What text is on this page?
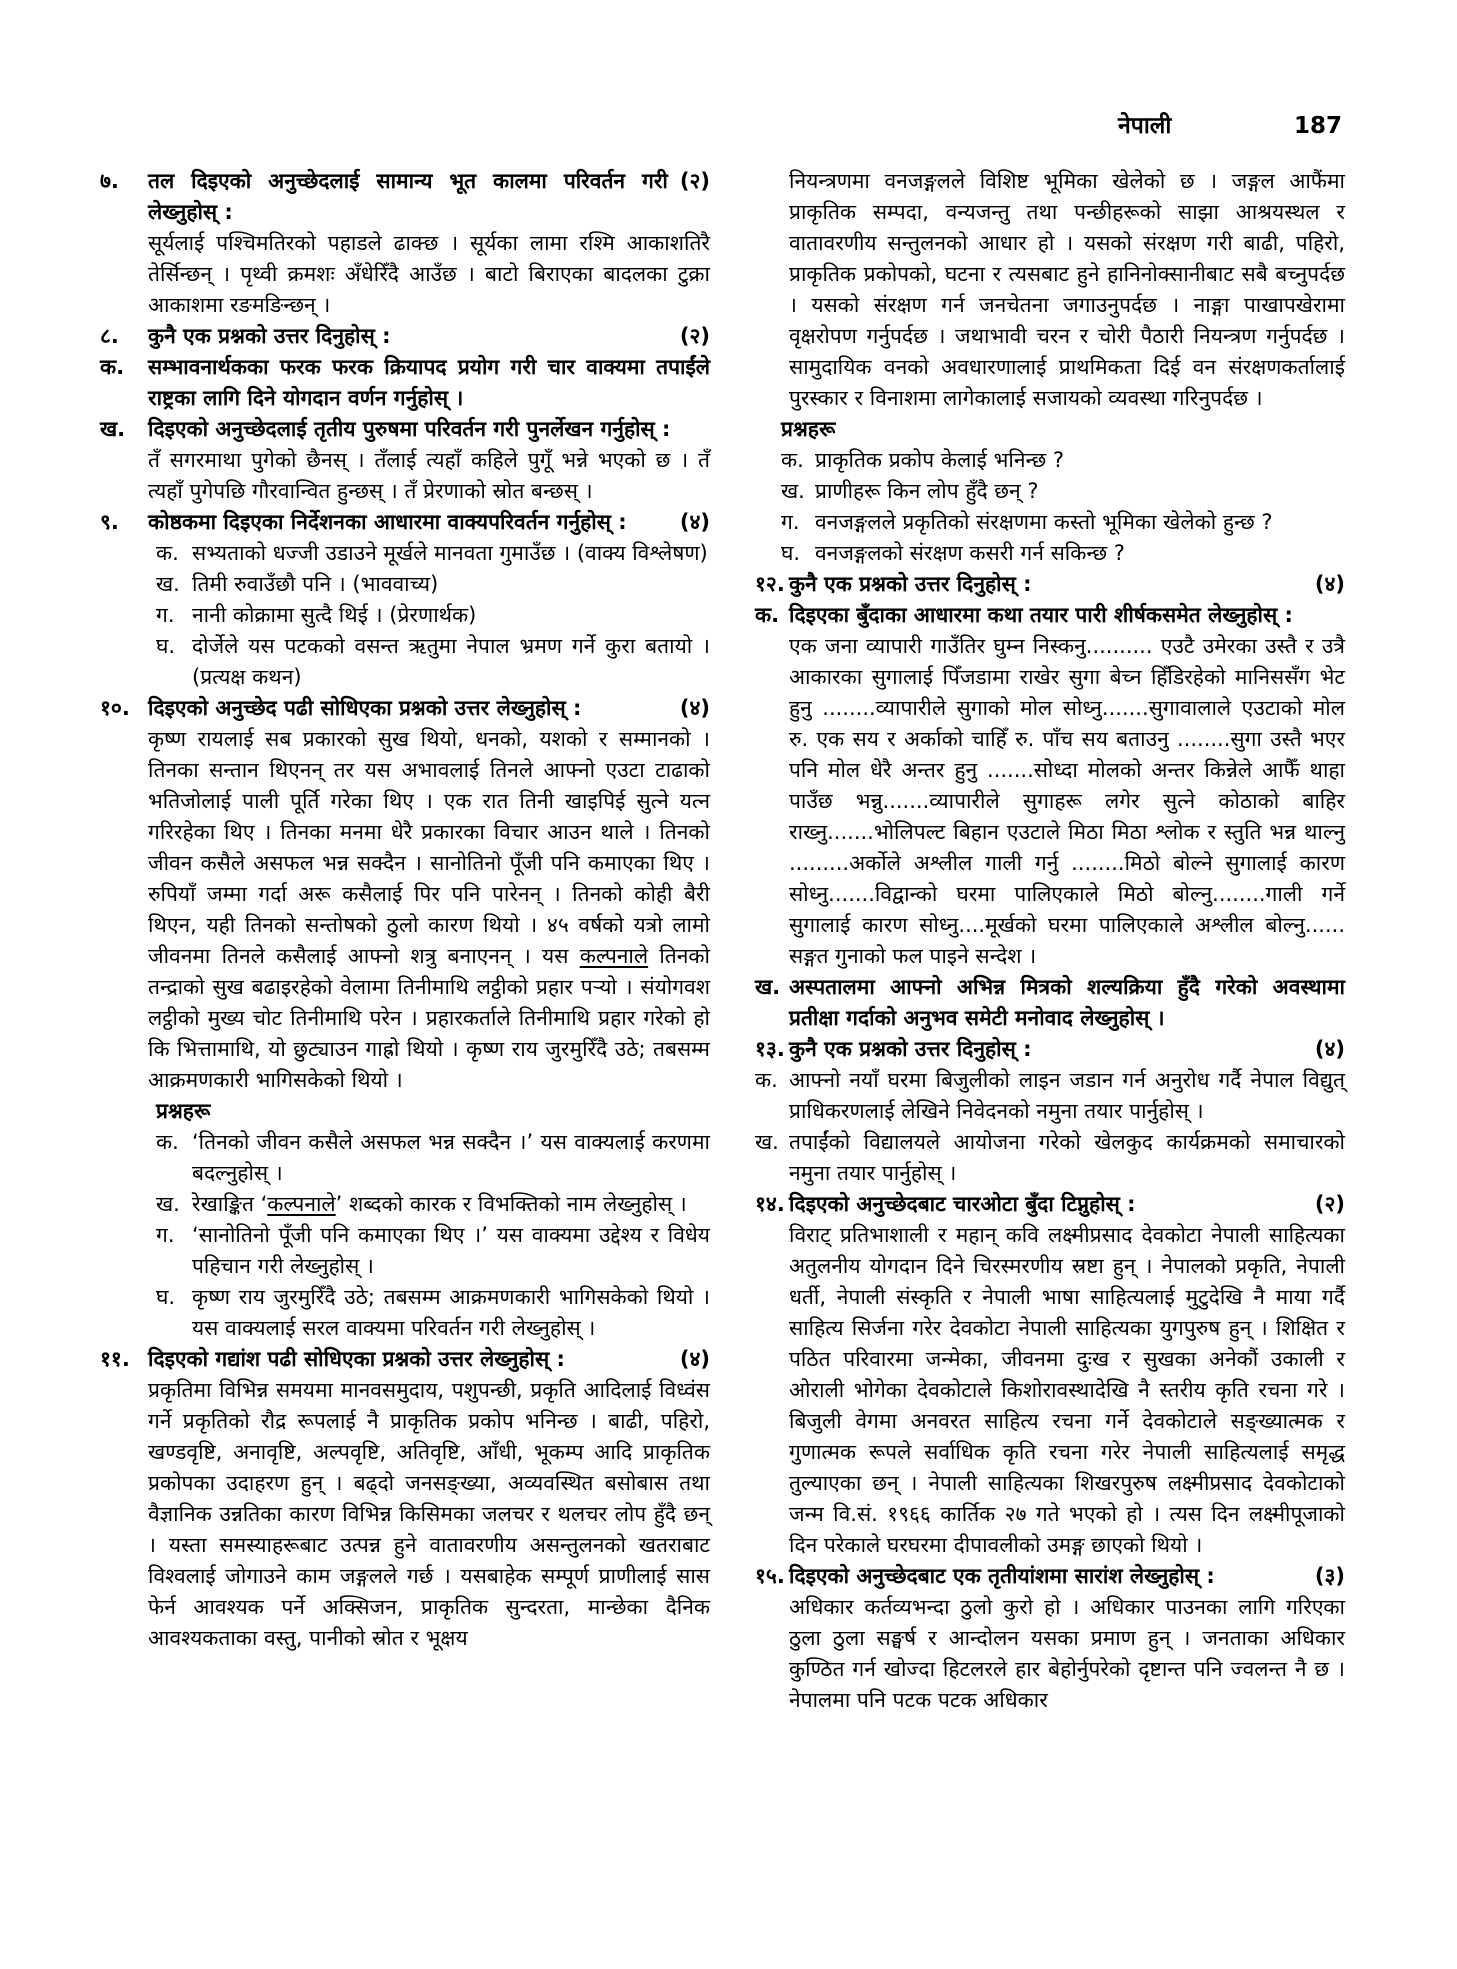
नेपाली	187
७.	तल दिइएको अनुच्छेदलाई सामान्य भूत कालमा परिवर्तन गरी लेख्नुहोस् :
(२)

सूर्यलाई पश्चिमतिरको पहाडले ढाक्छ । सूर्यका लामा रश्मि आकाशतिरै तेर्सिन्छन् । पृथ्वी क्रमशः अँधेरिँदै आउँछ । बाटो बिराएका बादलका टुक्रा आकाशमा रङमङिन्छन् ।

८.	कुनै एक प्रश्नको उत्तर दिनुहोस् :	(२)
क.	सम्भावनार्थकका फरक फरक क्रियापद प्रयोग गरी चार वाक्यमा तपाईंले राष्ट्रका लागि दिने योगदान वर्णन गर्नुहोस् ।
ख.	दिइएको अनुच्छेदलाई तृतीय पुरुषमा परिवर्तन गरी पुनर्लेखन गर्नुहोस् :

तँ सगरमाथा पुगेको छैनस् । तँलाई त्यहाँ कहिले पुगूँ भन्ने भएको छ । तँ त्यहाँ पुगेपछि गौरवान्वित हुन्छस् । तँ प्रेरणाको स्रोत बन्छस् ।

९.	कोष्ठकमा दिइएका निर्देशनका आधारमा वाक्यपरिवर्तन गर्नुहोस् :	(४)
क. सभ्यताको धज्जी उडाउने मूर्खले मानवता गुमाउँछ । (वाक्य विश्लेषण)
ख. तिमी रुवाउँछौ पनि । (भाववाच्य)
ग. नानी कोक्रामा सुत्दै थिई । (प्रेरणार्थक)
घ. दोर्जेले यस पटकको वसन्त ऋतुमा नेपाल भ्रमण गर्ने कुरा बतायो । (प्रत्यक्ष कथन)
१०. दिइएको अनुच्छेद पढी सोधिएका प्रश्नको उत्तर लेख्नुहोस् :	(४)

कृष्ण रायलाई सब प्रकारको सुख थियो, धनको, यशको र सम्मानको । तिनका सन्तान थिएनन् तर यस अभावलाई तिनले आफ्नो एउटा टाढाको भतिजोलाई पाली पूर्ति गरेका थिए । एक रात तिनी खाइपिई सुत्ने यत्न गरिरहेका थिए । तिनका मनमा धेरै प्रकारका विचार आउन थाले । तिनको जीवन कसैले असफल भन्न सक्दैन । सानोतिनो पूँजी पनि कमाएका थिए । रुपियाँ जम्मा गर्दा अरू कसैलाई पिर पनि पारेनन् । तिनको कोही बैरी थिएन, यही तिनको सन्तोषको ठुलो कारण थियो । ४५ वर्षको यत्रो लामो जीवनमा तिनले कसैलाई आफ्नो शत्रु बनाएनन् । यस कल्पनाले तिनको तन्द्राको सुख बढाइरहेको वेलामा तिनीमाथि लट्ठीको प्रहार पऱ्यो । संयोगवश लट्ठीको मुख्य चोट तिनीमाथि परेन । प्रहारकर्ताले तिनीमाथि प्रहार गरेको हो कि भित्तामाथि, यो छुट्याउन गाह्रो थियो । कृष्ण राय जुरमुरिँदै उठे; तबसम्म आक्रमणकारी भागिसकेको थियो ।

प्रश्नहरू
क. ‘तिनको जीवन कसैले असफल भन्न सक्दैन ।’ यस वाक्यलाई करणमा बदल्नुहोस् ।
ख. रेखाङ्कित ‘कल्पनाले’ शब्दको कारक र विभक्तिको नाम लेख्नुहोस् ।
ग. ‘सानोतिनो पूँजी पनि कमाएका थिए ।’ यस वाक्यमा उद्देश्य र विधेय पहिचान गरी लेख्नुहोस् ।
घ. कृष्ण राय जुरमुरिँदै उठे; तबसम्म आक्रमणकारी भागिसकेको थियो । यस वाक्यलाई सरल वाक्यमा परिवर्तन गरी लेख्नुहोस् ।
११. दिइएको गद्यांश पढी सोधिएका प्रश्नको उत्तर लेख्नुहोस् :	(४)

प्रकृतिमा विभिन्न समयमा मानवसमुदाय, पशुपन्छी, प्रकृति आदिलाई विध्वंस गर्ने प्रकृतिको रौद्र रूपलाई नै प्राकृतिक प्रकोप भनिन्छ । बाढी, पहिरो, खण्डवृष्टि, अनावृष्टि, अल्पवृष्टि, अतिवृष्टि, आँधी, भूकम्प आदि प्राकृतिक प्रकोपका उदाहरण हुन् । बढ्दो जनसङ्ख्या, अव्यवस्थित बसोबास तथा वैज्ञानिक उन्नतिका कारण विभिन्न किसिमका जलचर र थलचर लोप हुँदै छन् । यस्ता समस्याहरूबाट उत्पन्न हुने वातावरणीय असन्तुलनको खतराबाट विश्वलाई जोगाउने काम जङ्गलले गर्छ । यसबाहेक सम्पूर्ण प्राणीलाई सास फेर्न आवश्यक पर्ने अक्सिजन, प्राकृतिक सुन्दरता, मान्छेका दैनिक आवश्यकताका वस्तु, पानीको स्रोत र भूक्षय

नियन्त्रणमा वनजङ्गलले विशिष्ट भूमिका खेलेको छ । जङ्गल आफैंमा प्राकृतिक सम्पदा, वन्यजन्तु तथा पन्छीहरूको साझा आश्रयस्थल र वातावरणीय सन्तुलनको आधार हो । यसको संरक्षण गरी बाढी, पहिरो, प्राकृतिक प्रकोपको, घटना र त्यसबाट हुने हानिनोक्सानीबाट सबै बच्नुपर्दछ । यसको संरक्षण गर्न जनचेतना जगाउनुपर्दछ । नाङ्गा पाखापखेरामा वृक्षरोपण गर्नुपर्दछ । जथाभावी चरन र चोरी पैठारी नियन्त्रण गर्नुपर्दछ । सामुदायिक वनको अवधारणालाई प्राथमिकता दिई वन संरक्षणकर्तालाई पुरस्कार र विनाशमा लागेकालाई सजायको व्यवस्था गरिनुपर्दछ ।

प्रश्नहरू
क. प्राकृतिक प्रकोप केलाई भनिन्छ ?
ख. प्राणीहरू किन लोप हुँदै छन् ?
ग. वनजङ्गलले प्रकृतिको संरक्षणमा कस्तो भूमिका खेलेको हुन्छ ?
घ. वनजङ्गलको संरक्षण कसरी गर्न सकिन्छ ?
१२. कुनै एक प्रश्नको उत्तर दिनुहोस् :	(४)
क. दिइएका बुँदाका आधारमा कथा तयार पारी शीर्षकसमेत लेख्नुहोस् :

एक जना व्यापारी गाउँतिर घुम्न निस्कनु.......... एउटै उमेरका उस्तै र उत्रै आकारका सुगालाई पिँजडामा राखेर सुगा बेच्न हिँडिरहेको मानिससँग भेट हुनु ........व्यापारीले सुगाको मोल सोध्नु.......सुगावालाले एउटाको मोल रु. एक सय र अर्काको चाहिँ रु. पाँच सय बताउनु ........सुगा उस्तै भएर पनि मोल धेरै अन्तर हुनु .......सोध्दा मोलको अन्तर किन्नेले आफैँ थाहा पाउँछ भन्नु.......व्यापारीले सुगाहरू लगेर सुत्ने कोठाको बाहिर राख्नु.......भोलिपल्ट बिहान एउटाले मिठा मिठा श्लोक र स्तुति भन्न थाल्नु .........अर्कोले अश्लील गाली गर्नु ........मिठो बोल्ने सुगालाई कारण सोध्नु.......विद्वान्को घरमा पालिएकाले मिठो बोल्नु........गाली गर्ने सुगालाई कारण सोध्नु....मूर्खको घरमा पालिएकाले अश्लील बोल्नु...... सङ्गत गुनाको फल पाइने सन्देश ।

ख. अस्पतालमा आफ्नो अभिन्न मित्रको शल्यक्रिया हुँदै गरेको अवस्थामा प्रतीक्षा गर्दाको अनुभव समेटी मनोवाद लेख्नुहोस् ।
१३. कुनै एक प्रश्नको उत्तर दिनुहोस् :	(४)
क. आफ्नो नयाँ घरमा बिजुलीको लाइन जडान गर्न अनुरोध गर्दै नेपाल विद्युत् प्राधिकरणलाई लेखिने निवेदनको नमुना तयार पार्नुहोस् ।
ख. तपाईंको विद्यालयले आयोजना गरेको खेलकुद कार्यक्रमको समाचारको नमुना तयार पार्नुहोस् ।
१४. दिइएको अनुच्छेदबाट चारओटा बुँदा टिप्नुहोस् :	(२)

विराट् प्रतिभाशाली र महान् कवि लक्ष्मीप्रसाद देवकोटा नेपाली साहित्यका अतुलनीय योगदान दिने चिरस्मरणीय स्रष्टा हुन् । नेपालको प्रकृति, नेपाली धर्ती, नेपाली संस्कृति र नेपाली भाषा साहित्यलाई मुटुदेखि नै माया गर्दै साहित्य सिर्जना गरेर देवकोटा नेपाली साहित्यका युगपुरुष हुन् । शिक्षित र पठित परिवारमा जन्मेका, जीवनमा दुःख र सुखका अनेकौं उकाली र ओराली भोगेका देवकोटाले किशोरावस्थादेखि नै स्तरीय कृति रचना गरे । बिजुली वेगमा अनवरत साहित्य रचना गर्ने देवकोटाले सङ्ख्यात्मक र गुणात्मक रूपले सर्वाधिक कृति रचना गरेर नेपाली साहित्यलाई समृद्ध तुल्याएका छन् । नेपाली साहित्यका शिखरपुरुष लक्ष्मीप्रसाद देवकोटाको जन्म वि.सं. १९६६ कार्तिक २७ गते भएको हो । त्यस दिन लक्ष्मीपूजाको दिन परेकाले घरघरमा दीपावलीको उमङ्ग छाएको थियो ।

१५. दिइएको अनुच्छेदबाट एक तृतीयांशमा सारांश लेख्नुहोस् :	(३)

अधिकार कर्तव्यभन्दा ठुलो कुरो हो । अधिकार पाउनका लागि गरिएका ठुला ठुला सङ्घर्ष र आन्दोलन यसका प्रमाण हुन् । जनताका अधिकार कुण्ठित गर्न खोज्दा हिटलरले हार बेहोर्नुपरेको दृष्टान्त पनि ज्वलन्त नै छ । नेपालमा पनि पटक पटक अधिकार
